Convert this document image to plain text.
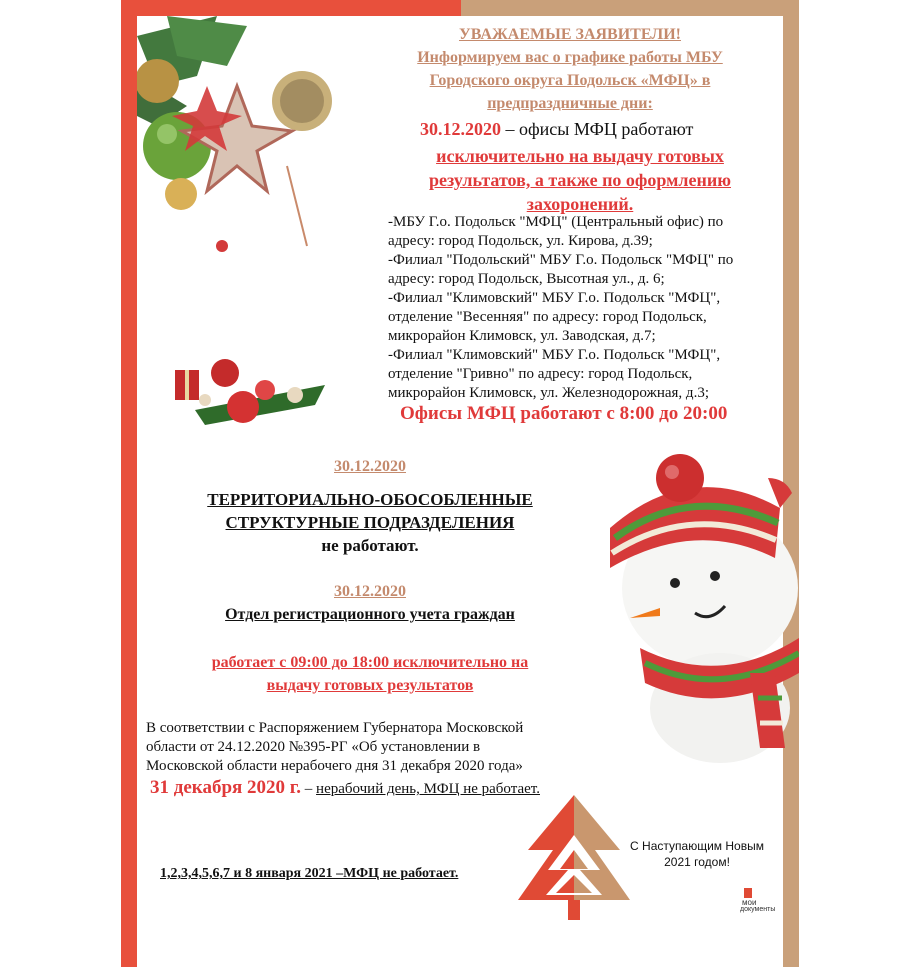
мои
документы
УВАЖАЕМЫЕ ЗАЯВИТЕЛИ!
Информируем вас о графике работы МБУ
Городского округа Подольск «МФЦ» в
предпраздничные дни:
30.12.2020 – офисы МФЦ работают
исключительно на выдачу готовых
результатов, а также по оформлению
захоронений.
-МБУ Г.о. Подольск "МФЦ" (Центральный офис) по
адресу: город Подольск, ул. Кирова, д.39;
-Филиал "Подольский" МБУ Г.о. Подольск "МФЦ" по
адресу: город Подольск, Высотная ул., д. 6;
-Филиал "Климовский" МБУ Г.о. Подольск "МФЦ",
отделение "Весенняя" по адресу: город Подольск,
микрорайон Климовск, ул. Заводская, д.7;
-Филиал "Климовский" МБУ Г.о. Подольск "МФЦ",
отделение "Гривно" по адресу: город Подольск,
микрорайон Климовск, ул. Железнодорожная, д.3;
Офисы МФЦ работают с 8:00 до 20:00
30.12.2020
ТЕРРИТОРИАЛЬНО-ОБОСОБЛЕННЫЕ
СТРУКТУРНЫЕ ПОДРАЗДЕЛЕНИЯ
не работают.
30.12.2020
Отдел регистрационного учета граждан
работает с 09:00 до 18:00 исключительно на
выдачу готовых результатов
В соответствии с Распоряжением Губернатора Московской
области от 24.12.2020 №395-РГ «Об установлении в
Московской области нерабочего дня 31 декабря 2020 года»
31 декабря 2020 г. – нерабочий день, МФЦ не работает.
1,2,3,4,5,6,7 и 8 января 2021 –МФЦ не работает.
С Наступающим Новым
2021 годом!
